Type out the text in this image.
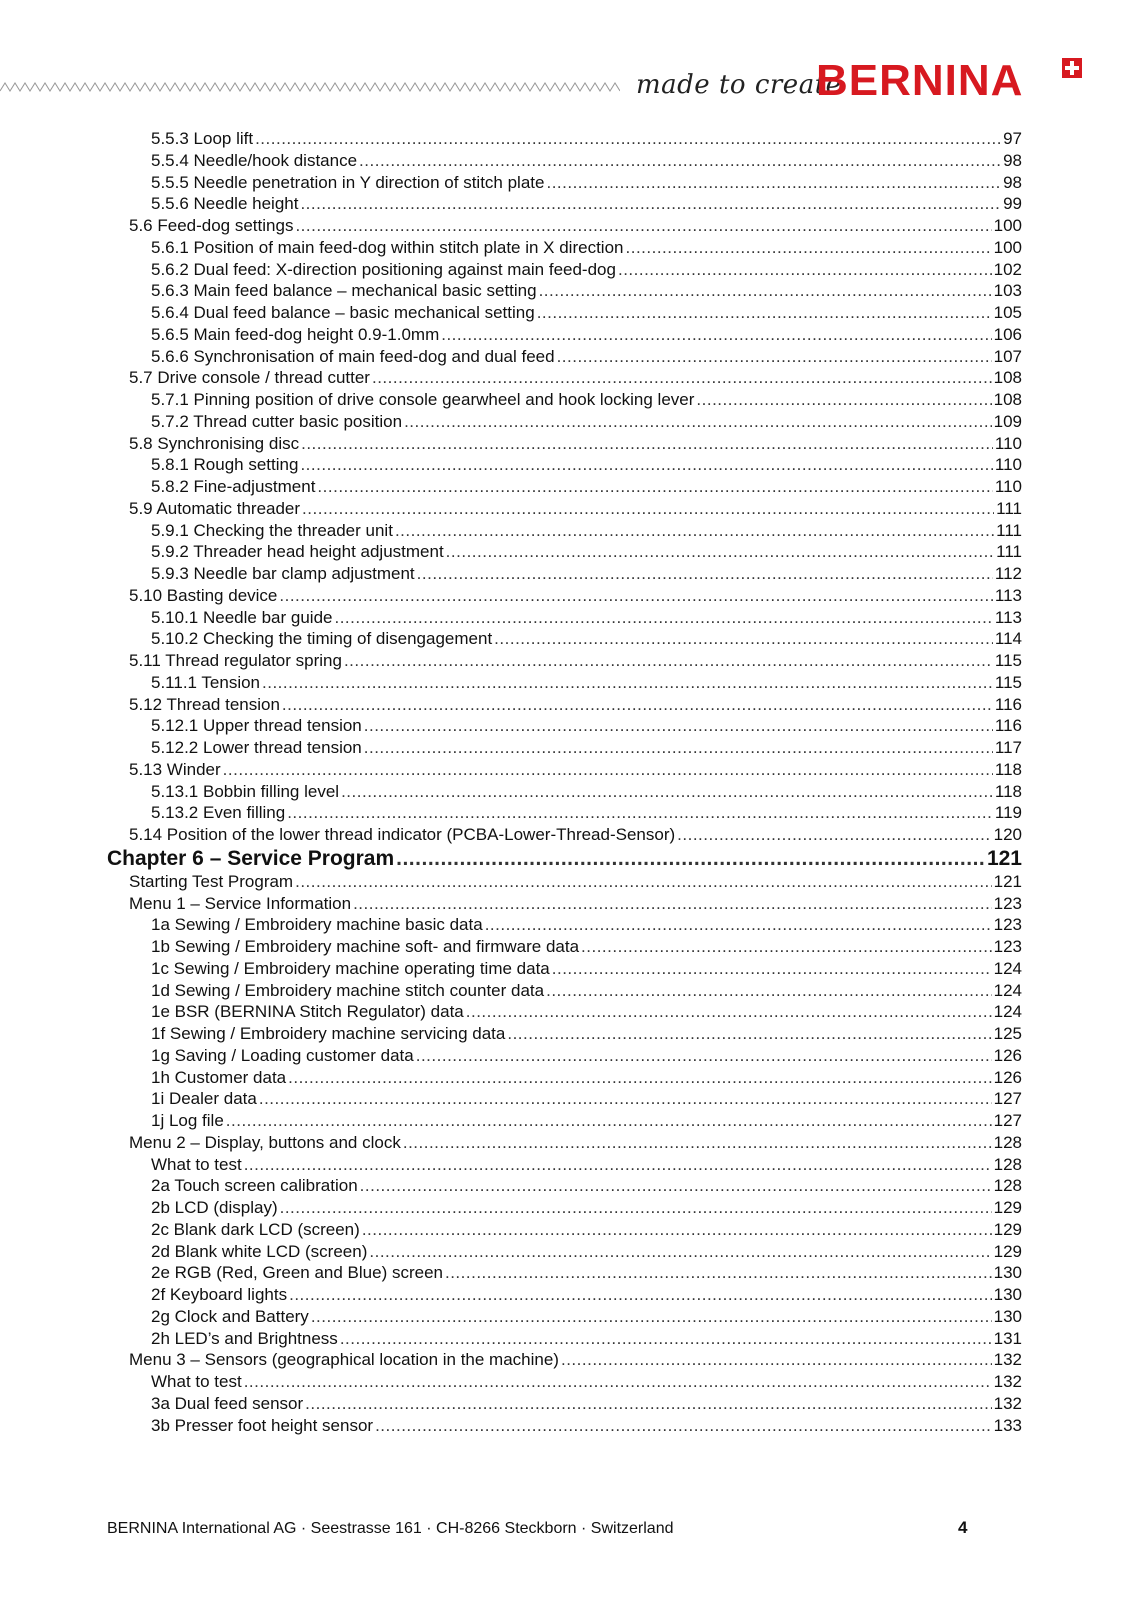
made to create
BERNINA
5.5.3 Loop lift .....	97
5.5.4 Needle/hook distance .....	98
5.5.5 Needle penetration in Y direction of stitch plate .....	98
5.5.6 Needle height .....	99
5.6 Feed-dog settings .....	100
5.6.1 Position of main feed-dog within stitch plate in X direction .....	100
5.6.2 Dual feed: X-direction positioning against main feed-dog .....	102
5.6.3 Main feed balance – mechanical basic setting .....	103
5.6.4 Dual feed balance – basic mechanical setting .....	105
5.6.5 Main feed-dog height 0.9-1.0mm .....	106
5.6.6 Synchronisation of main feed-dog and dual feed .....	107
5.7 Drive console / thread cutter .....	108
5.7.1 Pinning position of drive console gearwheel and hook locking lever .....	108
5.7.2 Thread cutter basic position .....	109
5.8 Synchronising disc .....	110
5.8.1 Rough setting .....	110
5.8.2 Fine-adjustment .....	110
5.9 Automatic threader .....	111
5.9.1 Checking the threader unit .....	111
5.9.2 Threader head height adjustment .....	111
5.9.3 Needle bar clamp adjustment .....	112
5.10 Basting device .....	113
5.10.1 Needle bar guide .....	113
5.10.2 Checking the timing of disengagement .....	114
5.11 Thread regulator spring .....	115
5.11.1 Tension .....	115
5.12 Thread tension .....	116
5.12.1 Upper thread tension .....	116
5.12.2 Lower thread tension .....	117
5.13 Winder .....	118
5.13.1 Bobbin filling level .....	118
5.13.2 Even filling .....	119
5.14 Position of the lower thread indicator (PCBA-Lower-Thread-Sensor) .....	120
Chapter 6 – Service Program .....	121
Starting Test Program .....	121
Menu 1 – Service Information .....	123
1a Sewing / Embroidery machine basic data .....	123
1b Sewing / Embroidery machine soft- and firmware data .....	123
1c Sewing / Embroidery machine operating time data .....	124
1d Sewing / Embroidery machine stitch counter data .....	124
1e BSR (BERNINA Stitch Regulator) data .....	124
1f Sewing / Embroidery machine servicing data .....	125
1g Saving / Loading customer data .....	126
1h Customer data .....	126
1i Dealer data .....	127
1j Log file .....	127
Menu 2 – Display, buttons and clock .....	128
What to test .....	128
2a Touch screen calibration .....	128
2b LCD (display) .....	129
2c Blank dark LCD (screen) .....	129
2d Blank white LCD (screen) .....	129
2e RGB (Red, Green and Blue) screen .....	130
2f Keyboard lights .....	130
2g Clock and Battery .....	130
2h LED’s and Brightness .....	131
Menu 3 – Sensors (geographical location in the machine) .....	132
What to test .....	132
3a Dual feed sensor .....	132
3b Presser foot height sensor .....	133
BERNINA International AG · Seestrasse 161 · CH-8266 Steckborn · Switzerland	4
